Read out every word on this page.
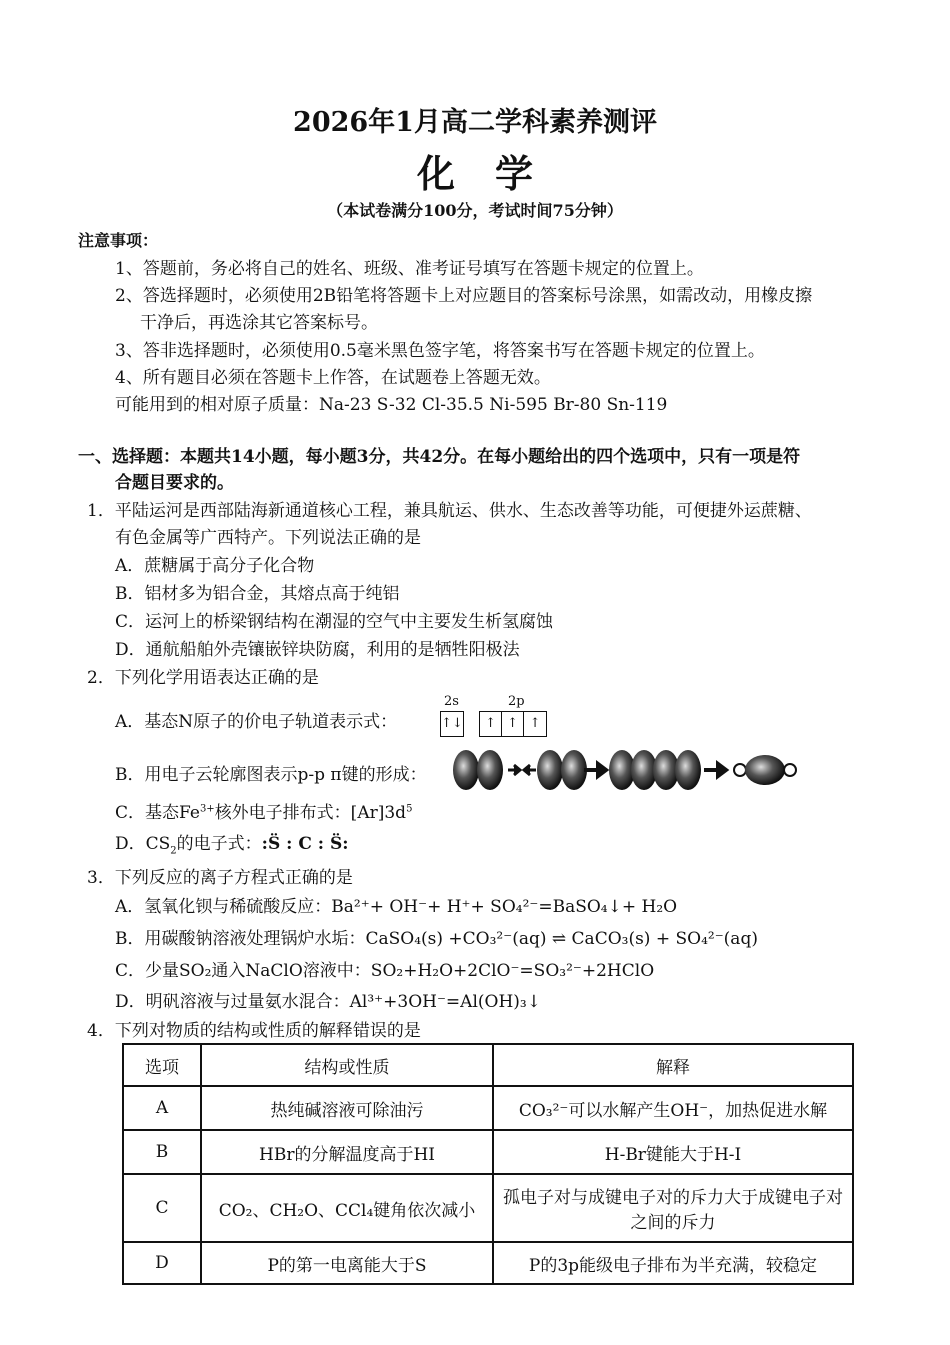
2026年1月高二学科素养测评
化学
（本试卷满分100分，考试时间75分钟）
注意事项：
1、答题前，务必将自己的姓名、班级、准考证号填写在答题卡规定的位置上。
2、答选择题时，必须使用2B铅笔将答题卡上对应题目的答案标号涂黑，如需改动，用橡皮擦
干净后，再选涂其它答案标号。
3、答非选择题时，必须使用0.5毫米黑色签字笔，将答案书写在答题卡规定的位置上。
4、所有题目必须在答题卡上作答，在试题卷上答题无效。
可能用到的相对原子质量：Na-23 S-32 Cl-35.5 Ni-595 Br-80 Sn-119
一、选择题：本题共14小题，每小题3分，共42分。在每小题给出的四个选项中，只有一项是符
合题目要求的。
1．平陆运河是西部陆海新通道核心工程，兼具航运、供水、生态改善等功能，可便捷外运蔗糖、
有色金属等广西特产。下列说法正确的是
A．蔗糖属于高分子化合物
B．铝材多为铝合金，其熔点高于纯铝
C．运河上的桥梁钢结构在潮湿的空气中主要发生析氢腐蚀
D．通航船舶外壳镶嵌锌块防腐，利用的是牺牲阳极法
2．下列化学用语表达正确的是
A．基态N原子的价电子轨道表示式：
2s	2p
↑↓ ↑ ↑ ↑
B．用电子云轮廓图表示p-p π键的形成：
C．基态$Fe^{3+}$核外电子排布式：$[Ar]3d^5$
D．$CS_2$的电子式：:S̈ : C : S̈:
3．下列反应的离子方程式正确的是
A．氢氧化钡与稀硫酸反应：Ba²⁺+ OH⁻+ H⁺+ SO₄²⁻=BaSO₄↓+ H₂O
B．用碳酸钠溶液处理锅炉水垢：CaSO₄(s) +CO₃²⁻(aq) ⇌ CaCO₃(s) + SO₄²⁻(aq)
C．少量SO₂通入NaClO溶液中：SO₂+H₂O+2ClO⁻=SO₃²⁻+2HClO
D．明矾溶液与过量氨水混合：Al³⁺+3OH⁻=Al(OH)₃↓
4．下列对物质的结构或性质的解释错误的是
选项	结构或性质	解释
A	热纯碱溶液可除油污	CO₃²⁻可以水解产生OH⁻，加热促进水解
B	HBr的分解温度高于HI	H-Br键能大于H-I
C	CO₂、CH₂O、CCl₄键角依次减小	孤电子对与成键电子对的斥力大于成键电子对之间的斥力
D	P的第一电离能大于S	P的3p能级电子排布为半充满，较稳定
